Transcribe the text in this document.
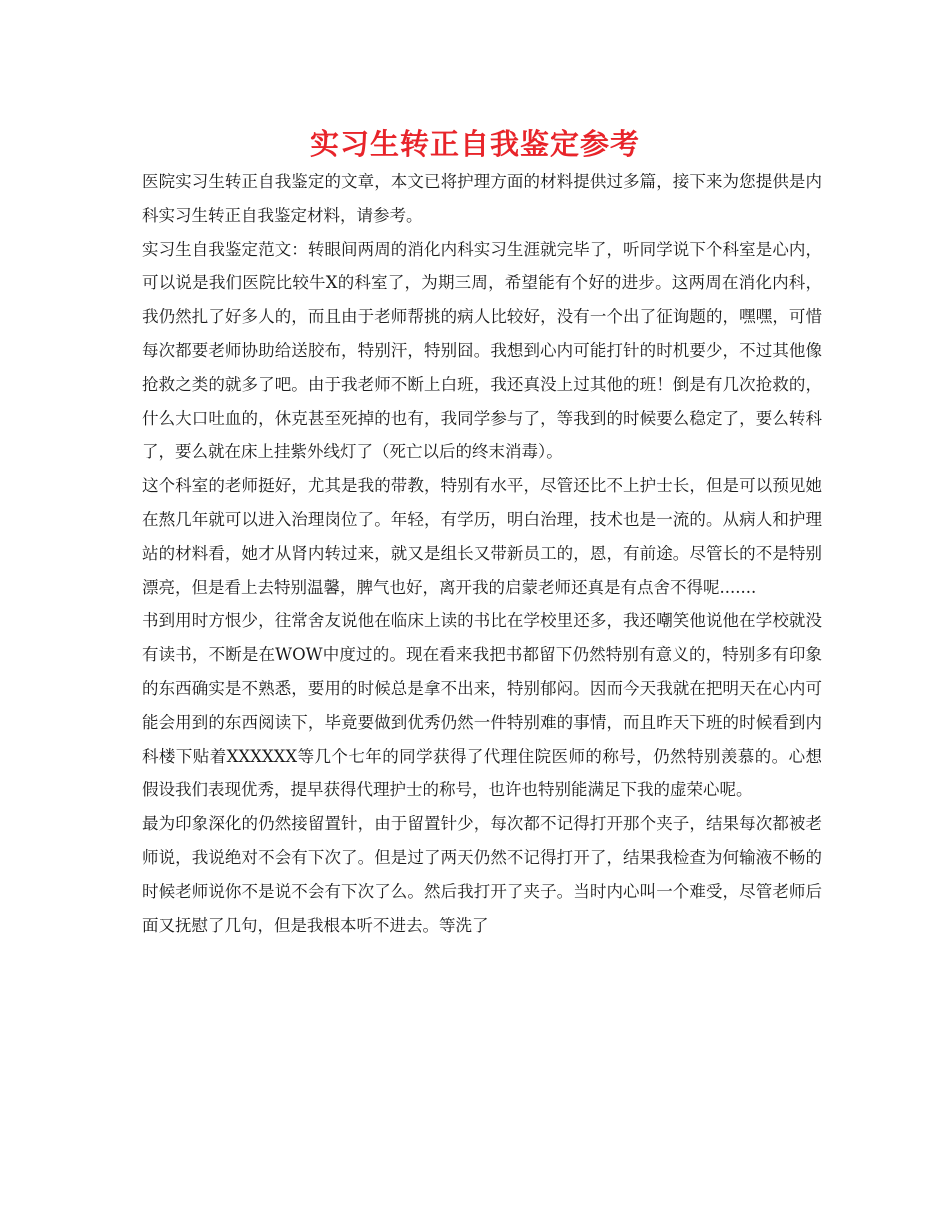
实习生转正自我鉴定参考

医院实习生转正自我鉴定的文章，本文已将护理方面的材料提供过多篇，接下来为您提供是内科实习生转正自我鉴定材料，请参考。

实习生自我鉴定范文：转眼间两周的消化内科实习生涯就完毕了，听同学说下个科室是心内，可以说是我们医院比较牛X的科室了，为期三周，希望能有个好的进步。这两周在消化内科，我仍然扎了好多人的，而且由于老师帮挑的病人比较好，没有一个出了征询题的，嘿嘿，可惜每次都要老师协助给送胶布，特别汗，特别囧。我想到心内可能打针的时机要少，不过其他像抢救之类的就多了吧。由于我老师不断上白班，我还真没上过其他的班！倒是有几次抢救的，什么大口吐血的，休克甚至死掉的也有，我同学参与了，等我到的时候要么稳定了，要么转科了，要么就在床上挂紫外线灯了（死亡以后的终末消毒）。

这个科室的老师挺好，尤其是我的带教，特别有水平，尽管还比不上护士长，但是可以预见她在熬几年就可以进入治理岗位了。年轻，有学历，明白治理，技术也是一流的。从病人和护理站的材料看，她才从肾内转过来，就又是组长又带新员工的，恩，有前途。尽管长的不是特别漂亮，但是看上去特别温馨，脾气也好，离开我的启蒙老师还真是有点舍不得呢.......

书到用时方恨少，往常舍友说他在临床上读的书比在学校里还多，我还嘲笑他说他在学校就没有读书，不断是在WOW中度过的。现在看来我把书都留下仍然特别有意义的，特别多有印象的东西确实是不熟悉，要用的时候总是拿不出来，特别郁闷。因而今天我就在把明天在心内可能会用到的东西阅读下，毕竟要做到优秀仍然一件特别难的事情，而且昨天下班的时候看到内科楼下贴着XXXXXX等几个七年的同学获得了代理住院医师的称号，仍然特别羡慕的。心想假设我们表现优秀，提早获得代理护士的称号，也许也特别能满足下我的虚荣心呢。

最为印象深化的仍然接留置针，由于留置针少，每次都不记得打开那个夹子，结果每次都被老师说，我说绝对不会有下次了。但是过了两天仍然不记得打开了，结果我检查为何输液不畅的时候老师说你不是说不会有下次了么。然后我打开了夹子。当时内心叫一个难受，尽管老师后面又抚慰了几句，但是我根本听不进去。等洗了
